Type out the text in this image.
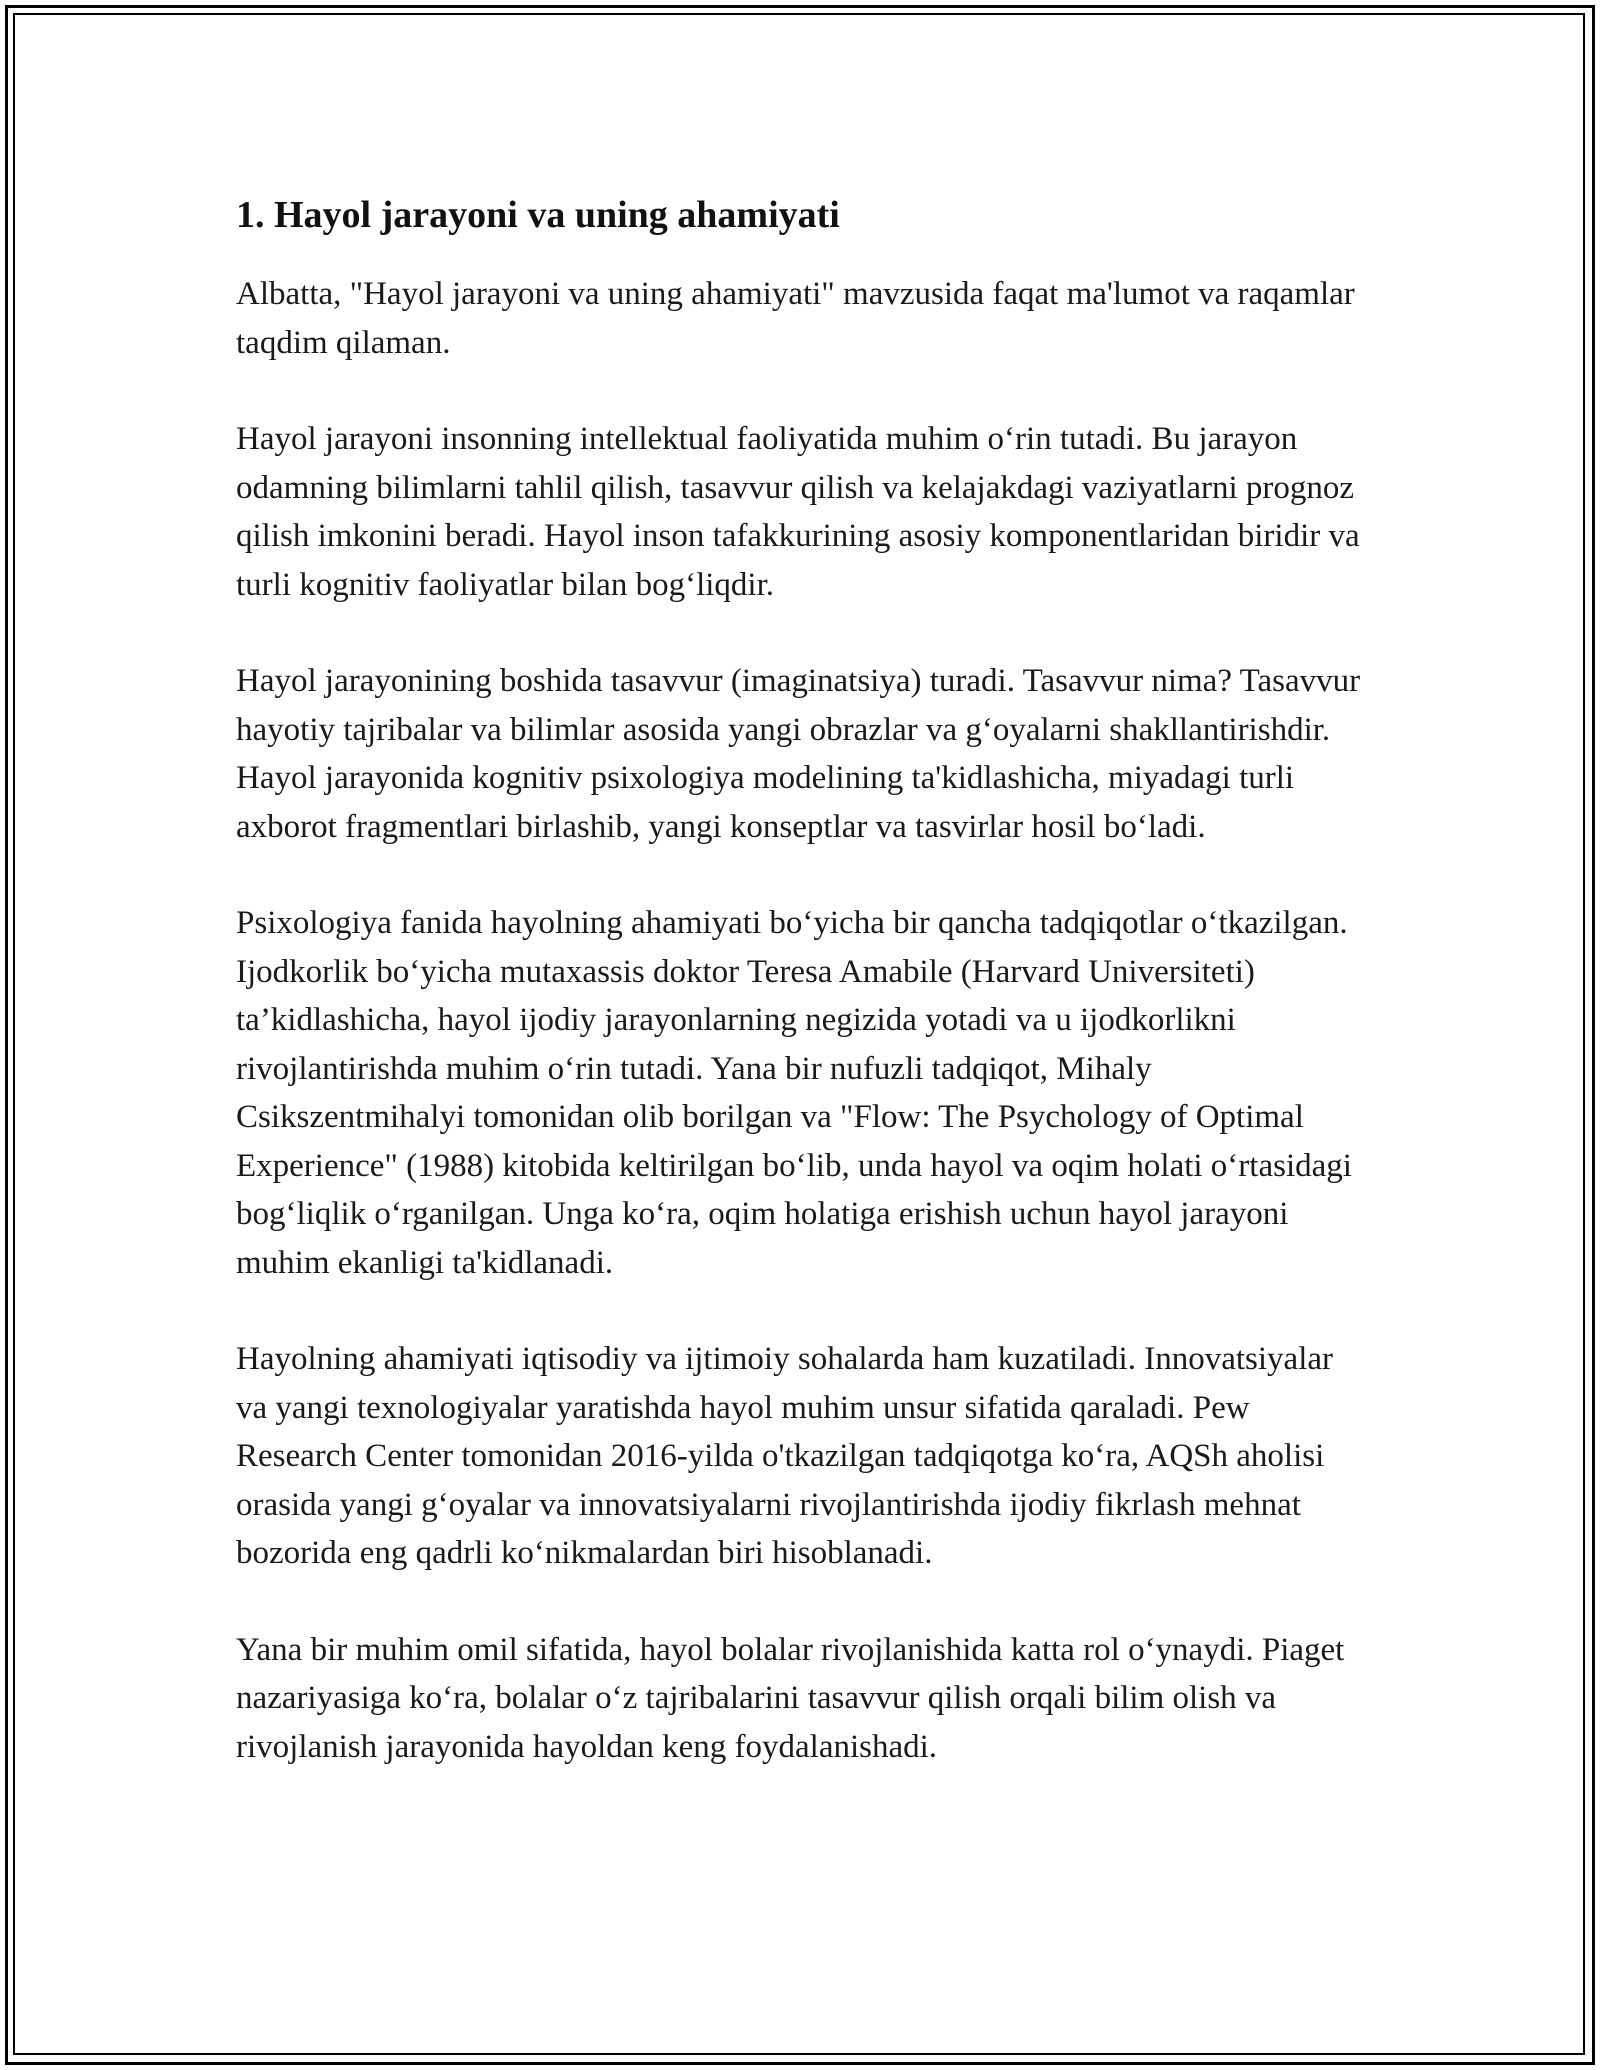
1. Hayol jarayoni va uning ahamiyati

Albatta, "Hayol jarayoni va uning ahamiyati" mavzusida faqat ma'lumot va raqamlar taqdim qilaman.

Hayol jarayoni insonning intellektual faoliyatida muhim oʻrin tutadi. Bu jarayon odamning bilimlarni tahlil qilish, tasavvur qilish va kelajakdagi vaziyatlarni prognoz qilish imkonini beradi. Hayol inson tafakkurining asosiy komponentlaridan biridir va turli kognitiv faoliyatlar bilan bogʻliqdir.

Hayol jarayonining boshida tasavvur (imaginatsiya) turadi. Tasavvur nima? Tasavvur hayotiy tajribalar va bilimlar asosida yangi obrazlar va gʻoyalarni shakllantirishdir. Hayol jarayonida kognitiv psixologiya modelining ta'kidlashicha, miyadagi turli axborot fragmentlari birlashib, yangi konseptlar va tasvirlar hosil boʻladi.

Psixologiya fanida hayolning ahamiyati boʻyicha bir qancha tadqiqotlar oʻtkazilgan. Ijodkorlik boʻyicha mutaxassis doktor Teresa Amabile (Harvard Universiteti) ta’kidlashicha, hayol ijodiy jarayonlarning negizida yotadi va u ijodkorlikni rivojlantirishda muhim oʻrin tutadi. Yana bir nufuzli tadqiqot, Mihaly Csikszentmihalyi tomonidan olib borilgan va "Flow: The Psychology of Optimal Experience" (1988) kitobida keltirilgan boʻlib, unda hayol va oqim holati oʻrtasidagi bogʻliqlik oʻrganilgan. Unga koʻra, oqim holatiga erishish uchun hayol jarayoni muhim ekanligi ta'kidlanadi.

Hayolning ahamiyati iqtisodiy va ijtimoiy sohalarda ham kuzatiladi. Innovatsiyalar va yangi texnologiyalar yaratishda hayol muhim unsur sifatida qaraladi. Pew Research Center tomonidan 2016-yilda o'tkazilgan tadqiqotga koʻra, AQSh aholisi orasida yangi gʻoyalar va innovatsiyalarni rivojlantirishda ijodiy fikrlash mehnat bozorida eng qadrli koʻnikmalardan biri hisoblanadi.

Yana bir muhim omil sifatida, hayol bolalar rivojlanishida katta rol oʻynaydi. Piaget nazariyasiga koʻra, bolalar oʻz tajribalarini tasavvur qilish orqali bilim olish va rivojlanish jarayonida hayoldan keng foydalanishadi.
